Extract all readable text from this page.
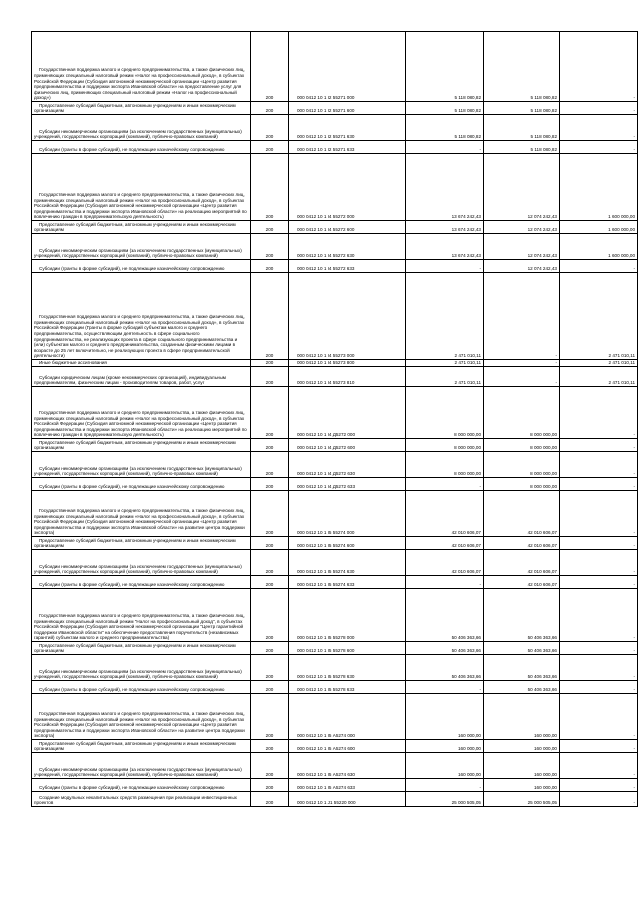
Государственная поддержка малого и среднего предпринимательства, а также физических лиц, применяющих специальный налоговый режим «Налог на профессиональный доход», в субъектах Российской Федерации (Субсидия автономной некоммерческой организации «Центр развития предпринимательства и поддержки экспорта Ивановской области» на предоставление услуг для физических лиц, применяющих специальный налоговый режим «Налог на профессиональный доход»)	200	000 0412 10 1 I2 55271 000	5 118 080,82	5 118 080,82	-
Предоставление субсидий бюджетным, автономным учреждениям и иным некоммерческим организациям	200	000 0412 10 1 I2 55271 600	5 118 080,82	5 118 080,82	-
Субсидии некоммерческим организациям (за исключением государственных (муниципальных) учреждений, государственных корпораций (компаний), публично-правовых компаний)	200	000 0412 10 1 I2 55271 630	5 118 080,82	5 118 080,82	-
Субсидии (гранты в форме субсидий), не подлежащие казначейскому сопровождению	200	000 0412 10 1 I2 55271 633	-	5 118 080,82	-
Государственная поддержка малого и среднего предпринимательства, а также физических лиц, применяющих специальный налоговый режим «Налог на профессиональный доход», в субъектах Российской Федерации (Субсидия автономной некоммерческой организации «Центр развития предпринимательства и поддержки экспорта Ивановской области» на реализацию мероприятий по вовлечению граждан в предпринимательскую деятельность)	200	000 0412 10 1 I4 55272 000	13 674 242,43	12 074 242,43	1 600 000,00
Предоставление субсидий бюджетным, автономным учреждениям и иным некоммерческим организациям	200	000 0412 10 1 I4 55272 600	13 674 242,43	12 074 242,43	1 600 000,00
Субсидии некоммерческим организациям (за исключением государственных (муниципальных) учреждений, государственных корпораций (компаний), публично-правовых компаний)	200	000 0412 10 1 I4 55272 630	13 674 242,43	12 074 242,43	1 600 000,00
Субсидии (гранты в форме субсидий), не подлежащие казначейскому сопровождению	200	000 0412 10 1 I4 55272 633	-	12 074 242,43	-
Государственная поддержка малого и среднего предпринимательства, а также физических лиц, применяющих специальный налоговый режим «Налог на профессиональный доход», в субъектах Российской Федерации (Гранты в форме субсидий субъектам малого и среднего предпринимательства, осуществляющим деятельность в сфере социального предпринимательства, не реализующих проекта в сфере социального предпринимательства и (или) субъектам малого и среднего предпринимательства, созданным физическими лицами в возрасте до 25 лет включительно, не реализующих проекта в сфере предпринимательской деятельности)	200	000 0412 10 1 I4 55273 000	2 471 010,11	-	2 471 010,11
Иные бюджетные ассигнования	200	000 0412 10 1 I4 55273 800	2 471 010,11	-	2 471 010,11
Субсидии юридическим лицам (кроме некоммерческих организаций), индивидуальным предпринимателям, физическим лицам - производителям товаров, работ, услуг	200	000 0412 10 1 I4 55273 810	2 471 010,11	-	2 471 010,11
Государственная поддержка малого и среднего предпринимательства, а также физических лиц, применяющих специальный налоговый режим «Налог на профессиональный доход», в субъектах Российской Федерации (Субсидия автономной некоммерческой организации «Центр развития предпринимательства и поддержки экспорта Ивановской области» на реализацию мероприятий по вовлечению граждан в предпринимательскую деятельность)	200	000 0412 10 1 I4 Д5272 000	8 000 000,00	8 000 000,00	-
Предоставление субсидий бюджетным, автономным учреждениям и иным некоммерческим организациям	200	000 0412 10 1 I4 Д5272 600	8 000 000,00	8 000 000,00	-
Субсидии некоммерческим организациям (за исключением государственных (муниципальных) учреждений, государственных корпораций (компаний), публично-правовых компаний)	200	000 0412 10 1 I4 Д5272 630	8 000 000,00	8 000 000,00	-
Субсидии (гранты в форме субсидий), не подлежащие казначейскому сопровождению	200	000 0412 10 1 I4 Д5272 633	-	8 000 000,00	-
Государственная поддержка малого и среднего предпринимательства, а также физических лиц, применяющих специальный налоговый режим «Налог на профессиональный доход», в субъектах Российской Федерации (Субсидия автономной некоммерческой организации «Центр развития предпринимательства и поддержки экспорта Ивановской области» на развитие центра поддержки экспорта)	200	000 0412 10 1 I5 55274 000	42 010 606,07	42 010 606,07	-
Предоставление субсидий бюджетным, автономным учреждениям и иным некоммерческим организациям	200	000 0412 10 1 I5 55274 600	42 010 606,07	42 010 606,07	-
Субсидии некоммерческим организациям (за исключением государственных (муниципальных) учреждений, государственных корпораций (компаний), публично-правовых компаний)	200	000 0412 10 1 I5 55274 630	42 010 606,07	42 010 606,07	-
Субсидии (гранты в форме субсидий), не подлежащие казначейскому сопровождению	200	000 0412 10 1 I5 55274 633	-	42 010 606,07	-
Государственная поддержка малого и среднего предпринимательства, а также физических лиц, применяющих специальный налоговый режим "Налог на профессиональный доход", в субъектах Российской Федерации (Субсидия автономной некоммерческой организации "Центр гарантийной поддержки Ивановской области" на обеспечение предоставления поручительств (независимых гарантий) субъектам малого и среднего предпринимательства)	200	000 0412 10 1 I5 55278 000	50 406 363,66	50 406 363,66	-
Предоставление субсидий бюджетным, автономным учреждениям и иным некоммерческим организациям	200	000 0412 10 1 I5 55278 600	50 406 363,66	50 406 363,66	-
Субсидии некоммерческим организациям (за исключением государственных (муниципальных) учреждений, государственных корпораций (компаний), публично-правовых компаний)	200	000 0412 10 1 I5 55278 630	50 406 363,66	50 406 363,66	-
Субсидии (гранты в форме субсидий), не подлежащие казначейскому сопровождению	200	000 0412 10 1 I5 55278 633	-	50 406 363,66	-
Государственная поддержка малого и среднего предпринимательства, а также физических лиц, применяющих специальный налоговый режим «Налог на профессиональный доход», в субъектах Российской Федерации (Субсидия автономной некоммерческой организации «Центр развития предпринимательства и поддержки экспорта Ивановской области» на развитие центра поддержки экспорта)	200	000 0412 10 1 I5 А5274 000	160 000,00	160 000,00	-
Предоставление субсидий бюджетным, автономным учреждениям и иным некоммерческим организациям	200	000 0412 10 1 I5 А5274 600	160 000,00	160 000,00	-
Субсидии некоммерческим организациям (за исключением государственных (муниципальных) учреждений, государственных корпораций (компаний), публично-правовых компаний)	200	000 0412 10 1 I5 А5274 630	160 000,00	160 000,00	-
Субсидии (гранты в форме субсидий), не подлежащие казначейскому сопровождению	200	000 0412 10 1 I5 А5274 633	-	160 000,00	-
Создание модульных некапитальных средств размещения при реализации инвестиционных проектов	200	000 0412 10 1 J1 55220 000	25 000 505,05	25 000 505,05	-
